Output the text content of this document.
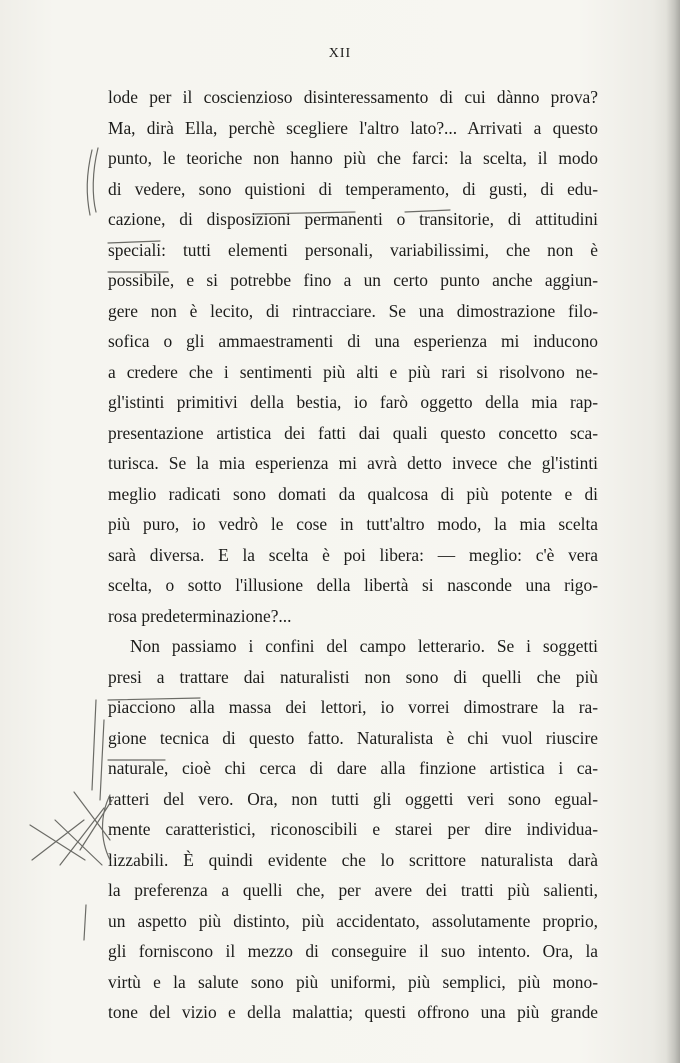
XII
lode per il coscienzioso disinteressamento di cui dànno prova?
Ma, dirà Ella, perchè scegliere l'altro lato?... Arrivati a questo
punto, le teoriche non hanno più che farci: la scelta, il modo
di vedere, sono quistioni di temperamento, di gusti, di edu-
cazione, di disposizioni permanenti o transitorie, di attitudini
speciali: tutti elementi personali, variabilissimi, che non è
possibile, e si potrebbe fino a un certo punto anche aggiun-
gere non è lecito, di rintracciare. Se una dimostrazione filo-
sofica o gli ammaestramenti di una esperienza mi inducono
a credere che i sentimenti più alti e più rari si risolvono ne-
gl'istinti primitivi della bestia, io farò oggetto della mia rap-
presentazione artistica dei fatti dai quali questo concetto sca-
turisca. Se la mia esperienza mi avrà detto invece che gl'istinti
meglio radicati sono domati da qualcosa di più potente e di
più puro, io vedrò le cose in tutt'altro modo, la mia scelta
sarà diversa. E la scelta è poi libera: — meglio: c'è vera
scelta, o sotto l'illusione della libertà si nasconde una rigo-
rosa predeterminazione?...
Non passiamo i confini del campo letterario. Se i soggetti
presi a trattare dai naturalisti non sono di quelli che più
piacciono alla massa dei lettori, io vorrei dimostrare la ra-
gione tecnica di questo fatto. Naturalista è chi vuol riuscire
naturale, cioè chi cerca di dare alla finzione artistica i ca-
ratteri del vero. Ora, non tutti gli oggetti veri sono egual-
mente caratteristici, riconoscibili e starei per dire individua-
lizzabili. È quindi evidente che lo scrittore naturalista darà
la preferenza a quelli che, per avere dei tratti più salienti,
un aspetto più distinto, più accidentato, assolutamente proprio,
gli forniscono il mezzo di conseguire il suo intento. Ora, la
virtù e la salute sono più uniformi, più semplici, più mono-
tone del vizio e della malattia; questi offrono una più grande
